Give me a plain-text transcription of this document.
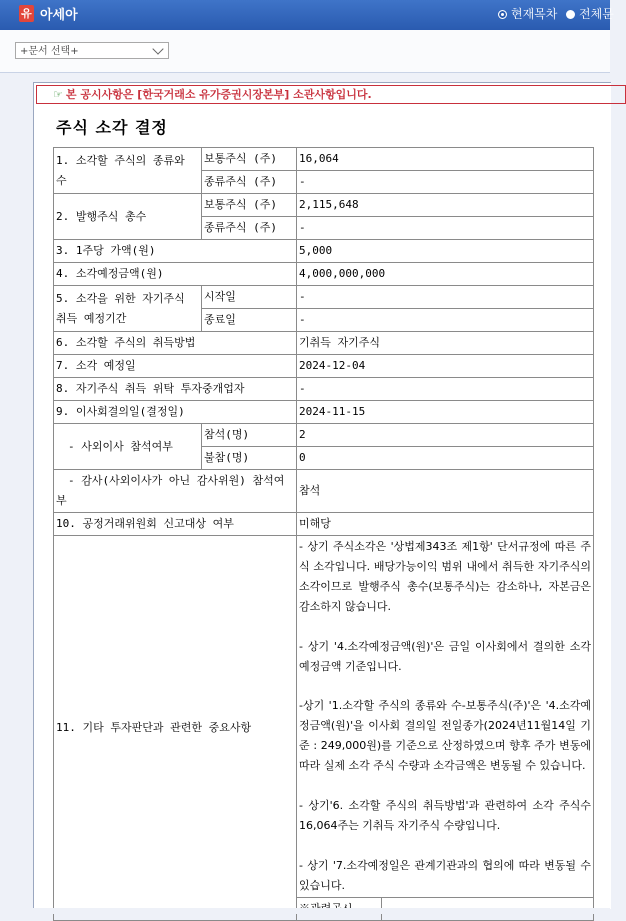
유 아세아	현재목차	전체문
+문서 선택+
☞ 본 공시사항은 [한국거래소 유가증권시장본부] 소관사항입니다.
주식 소각 결정
1. 소각할 주식의 종류와 수	보통주식 (주)	16,064
종류주식 (주)	-
2. 발행주식 총수	보통주식 (주)	2,115,648
종류주식 (주)	-
3. 1주당 가액(원)	5,000
4. 소각예정금액(원)	4,000,000,000
5. 소각을 위한 자기주식 취득 예정기간	시작일	-
종료일	-
6. 소각할 주식의 취득방법	기취득 자기주식
7. 소각 예정일	2024-12-04
8. 자기주식 취득 위탁 투자중개업자	-
9. 이사회결의일(결정일)	2024-11-15
- 사외이사 참석여부	참석(명)	2
불참(명)	0
- 감사(사외이사가 아닌 감사위원) 참석여부	참석
10. 공정거래위원회 신고대상 여부	미해당
11. 기타 투자판단과 관련한 중요사항	

- 상기 주식소각은 '상법제343조 제1항' 단서규정에 따른 주식 소각입니다. 배당가능이익 범위 내에서 취득한 자기주식의 소각이므로 발행주식 총수(보통주식)는 감소하나, 자본금은 감소하지 않습니다.

- 상기 '4.소각예정금액(원)'은 금일 이사회에서 결의한 소각 예정금액 기준입니다.

-상기 '1.소각할 주식의 종류와 수-보통주식(주)'은 '4.소각예정금액(원)'을 이사회 결의일 전일종가(2024년11월14일 기준 : 249,000원)를 기준으로 산정하였으며 향후 주가 변동에 따라 실제 소각 주식 수량과 소각금액은 변동될 수 있습니다.

- 상기'6. 소각할 주식의 취득방법'과 관련하여 소각 주식수 16,064주는 기취득 자기주식 수량입니다.

- 상기 '7.소각예정일은 관계기관과의 협의에 따라 변동될 수 있습니다.
